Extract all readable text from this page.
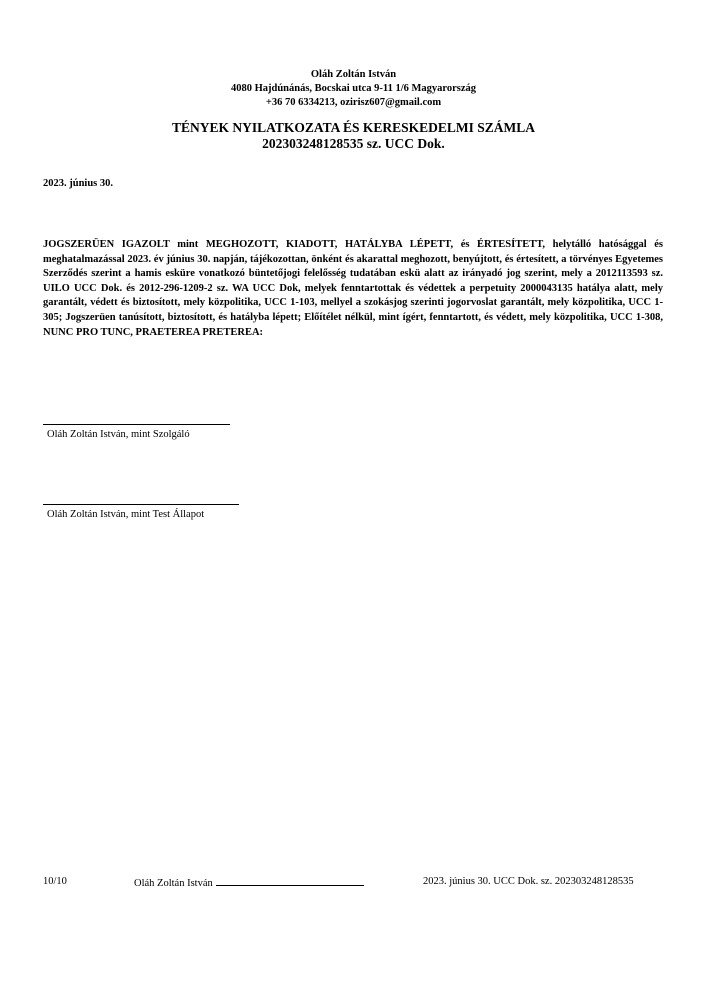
Oláh Zoltán István
4080 Hajdúnánás, Bocskai utca 9-11 1/6 Magyarország
+36 70 6334213, ozirisz607@gmail.com
TÉNYEK NYILATKOZATA ÉS KERESKEDELMI SZÁMLA
202303248128535 sz. UCC Dok.
2023. június 30.

JOGSZERÜEN IGAZOLT mint MEGHOZOTT, KIADOTT, HATÁLYBA LÉPETT, és ÉRTESÍTETT, helytálló hatósággal és meghatalmazással 2023. év június 30. napján, tájékozottan, önként és akarattal meghozott, benyújtott, és értesített, a törvényes Egyetemes Szerződés szerint a hamis esküre vonatkozó büntetőjogi felelősség tudatában eskü alatt az irányadó jog szerint, mely a 2012113593 sz. UILO UCC Dok. és 2012-296-1209-2 sz. WA UCC Dok, melyek fenntartottak és védettek a perpetuity 2000043135 hatálya alatt, mely garantált, védett és biztosított, mely közpolitika, UCC 1-103, mellyel a szokásjog szerinti jogorvoslat garantált, mely közpolitika, UCC 1-305; Jogszerüen tanúsított, biztosított, és hatályba lépett; Előítélet nélkül, mint ígért, fenntartott, és védett, mely közpolitika, UCC 1-308, NUNC PRO TUNC, PRAETEREA PRETEREA:

Oláh Zoltán István, mint Szolgáló
Oláh Zoltán István, mint Test Állapot
10/10	Oláh Zoltán István	2023. június 30. UCC Dok. sz. 202303248128535
